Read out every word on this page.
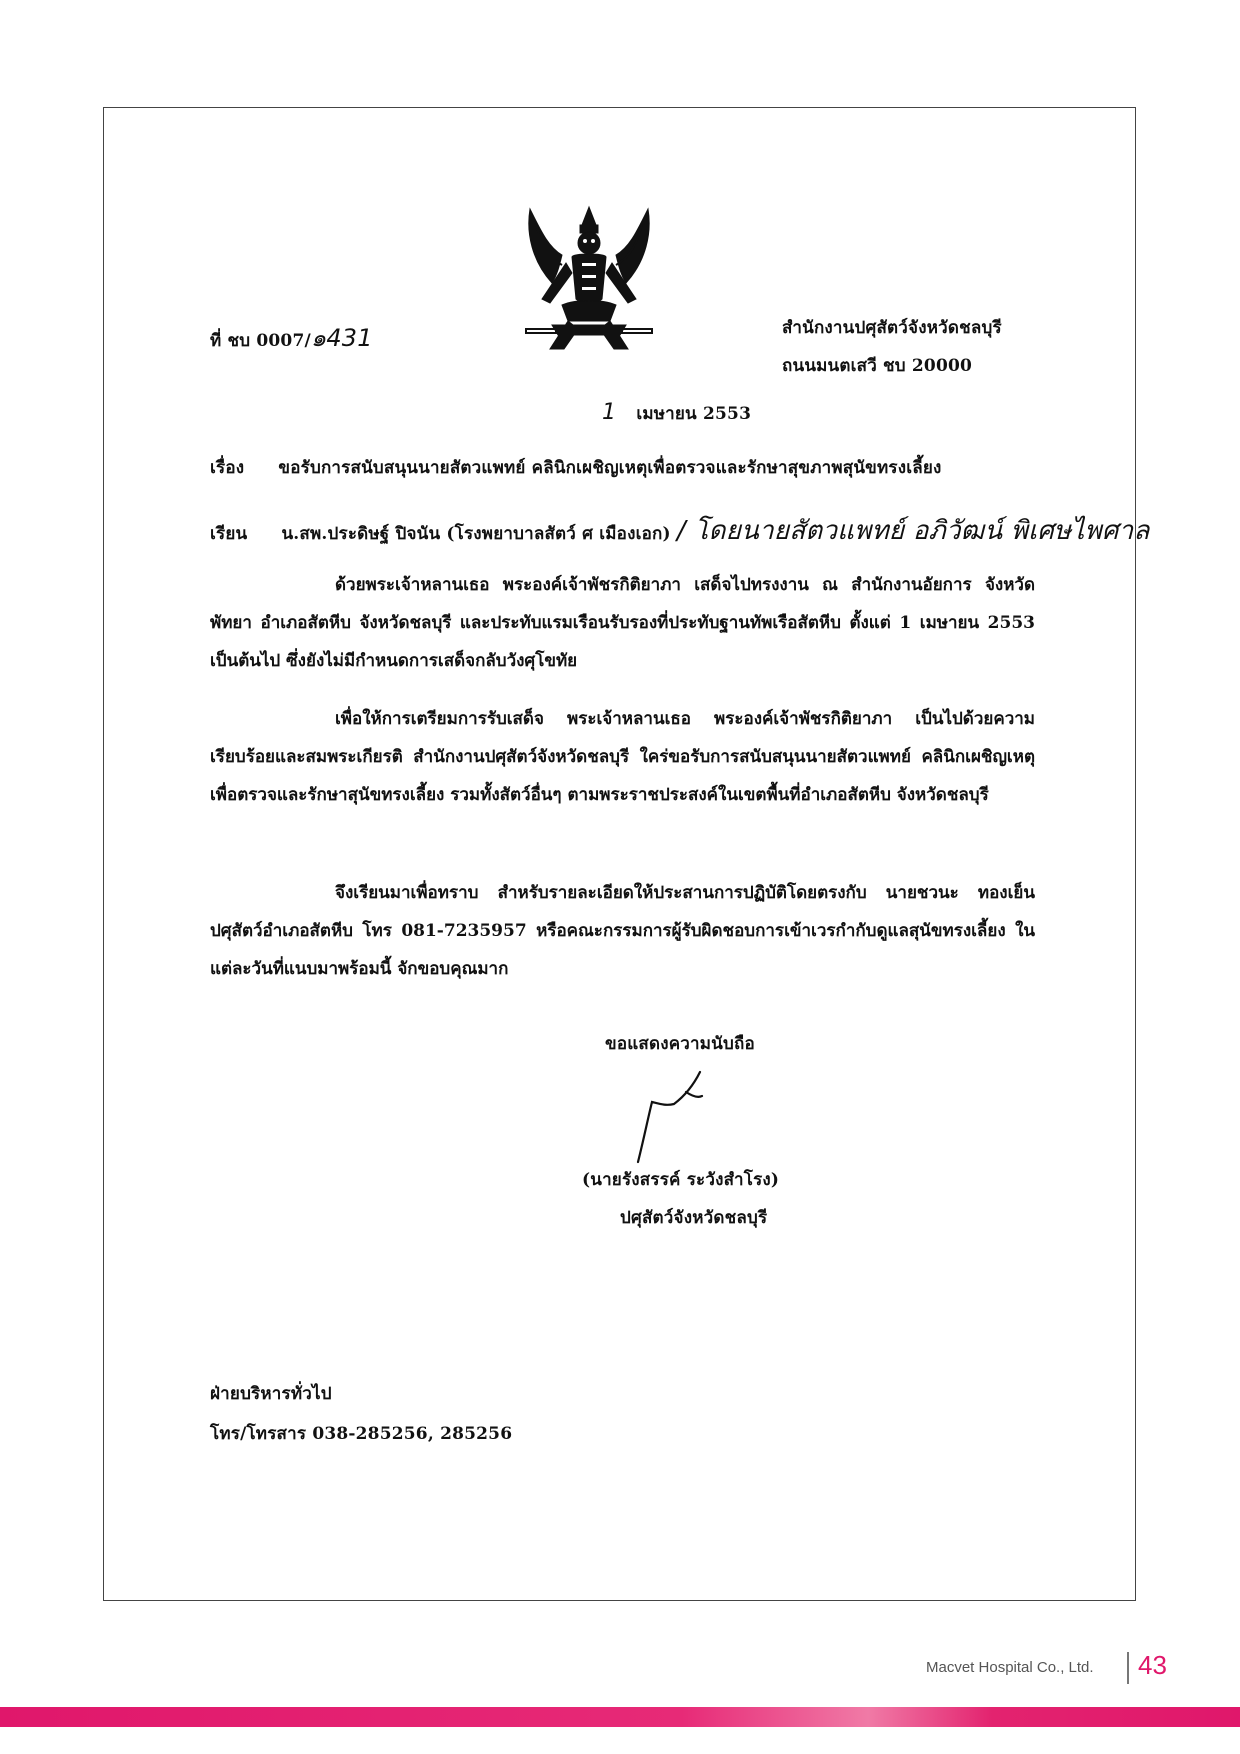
ที่ ชบ 0007/๑431	สำนักงานปศุสัตว์จังหวัดชลบุรี
ถนนมนตเสวี ชบ 20000
1 เมษายน 2553
เรื่อง ขอรับการสนับสนุนนายสัตวแพทย์ คลินิกเผชิญเหตุเพื่อตรวจและรักษาสุขภาพสุนัขทรงเลี้ยง
เรียน น.สพ.ประดิษฐ์ ปิจนัน (โรงพยาบาลสัตว์ ศ เมืองเอก) / โดยนายสัตวแพทย์ อภิวัฒน์ พิเศษไพศาล
ด้วยพระเจ้าหลานเธอ พระองค์เจ้าพัชรกิติยาภา เสด็จไปทรงงาน ณ สำนักงานอัยการ จังหวัดพัทยา อำเภอสัตหีบ จังหวัดชลบุรี และประทับแรมเรือนรับรองที่ประทับฐานทัพเรือสัตหีบ ตั้งแต่ 1 เมษายน 2553 เป็นต้นไป ซึ่งยังไม่มีกำหนดการเสด็จกลับวังศุโขทัย
เพื่อให้การเตรียมการรับเสด็จ พระเจ้าหลานเธอ พระองค์เจ้าพัชรกิติยาภา เป็นไปด้วยความเรียบร้อยและสมพระเกียรติ สำนักงานปศุสัตว์จังหวัดชลบุรี ใคร่ขอรับการสนับสนุนนายสัตวแพทย์ คลินิกเผชิญเหตุเพื่อตรวจและรักษาสุนัขทรงเลี้ยง รวมทั้งสัตว์อื่นๆ ตามพระราชประสงค์ในเขตพื้นที่อำเภอสัตหีบ จังหวัดชลบุรี
จึงเรียนมาเพื่อทราบ สำหรับรายละเอียดให้ประสานการปฏิบัติโดยตรงกับ นายชวนะ ทองเย็น ปศุสัตว์อำเภอสัตหีบ โทร 081-7235957 หรือคณะกรรมการผู้รับผิดชอบการเข้าเวรกำกับดูแลสุนัขทรงเลี้ยง ในแต่ละวันที่แนบมาพร้อมนี้ จักขอบคุณมาก
ขอแสดงความนับถือ
(นายรังสรรค์ ระวังสำโรง)
ปศุสัตว์จังหวัดชลบุรี
ฝ่ายบริหารทั่วไป
โทร/โทรสาร 038-285256, 285256
Macvet Hospital Co., Ltd. 43
